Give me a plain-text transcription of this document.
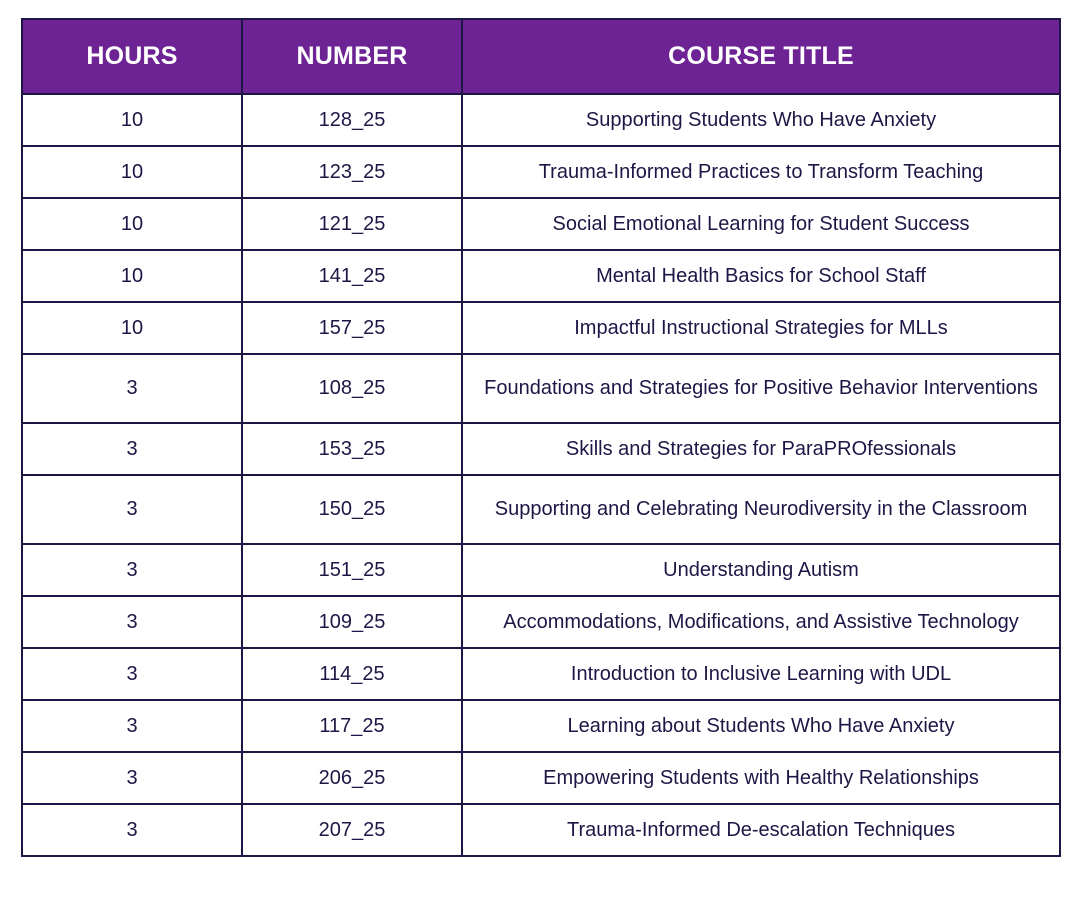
HOURS	NUMBER	COURSE TITLE
10	128_25	Supporting Students Who Have Anxiety
10	123_25	Trauma-Informed Practices to Transform Teaching
10	121_25	Social Emotional Learning for Student Success
10	141_25	Mental Health Basics for School Staff
10	157_25	Impactful Instructional Strategies for MLLs
3	108_25	Foundations and Strategies for Positive Behavior Interventions
3	153_25	Skills and Strategies for ParaPROfessionals
3	150_25	Supporting and Celebrating Neurodiversity in the Classroom
3	151_25	Understanding Autism
3	109_25	Accommodations, Modifications, and Assistive Technology
3	114_25	Introduction to Inclusive Learning with UDL
3	117_25	Learning about Students Who Have Anxiety
3	206_25	Empowering Students with Healthy Relationships
3	207_25	Trauma-Informed De-escalation Techniques
